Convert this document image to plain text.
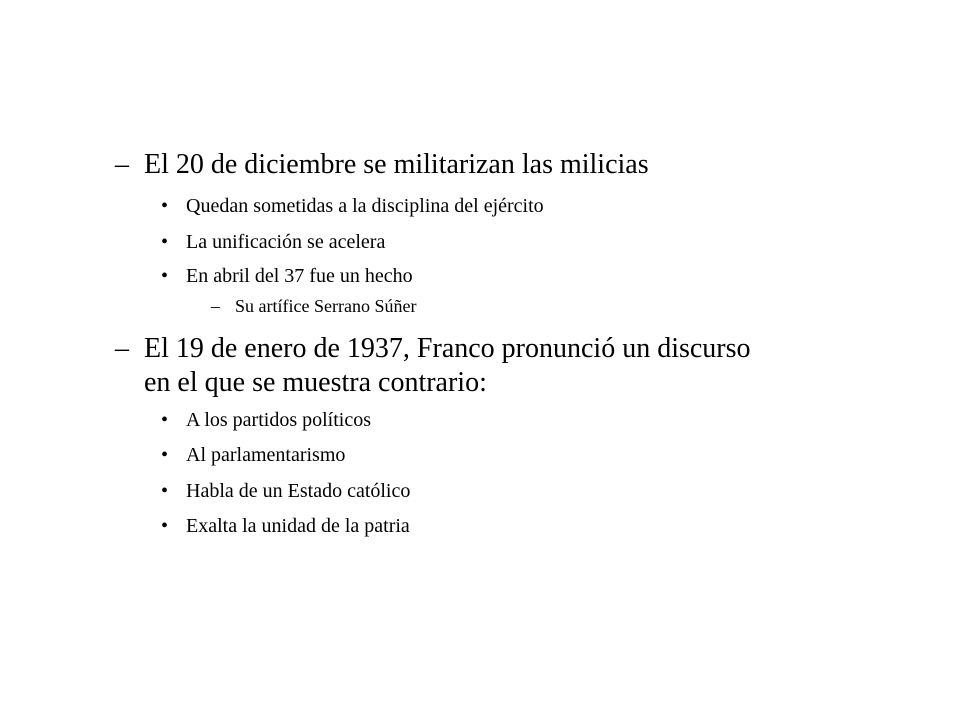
– El 20 de diciembre se militarizan las milicias
• Quedan sometidas a la disciplina del ejército
• La unificación se acelera
• En abril del 37 fue un hecho
– Su artífice Serrano Súñer
– El 19 de enero de 1937, Franco pronunció un discurso
en el que se muestra contrario:
• A los partidos políticos
• Al parlamentarismo
• Habla de un Estado católico
• Exalta la unidad de la patria
